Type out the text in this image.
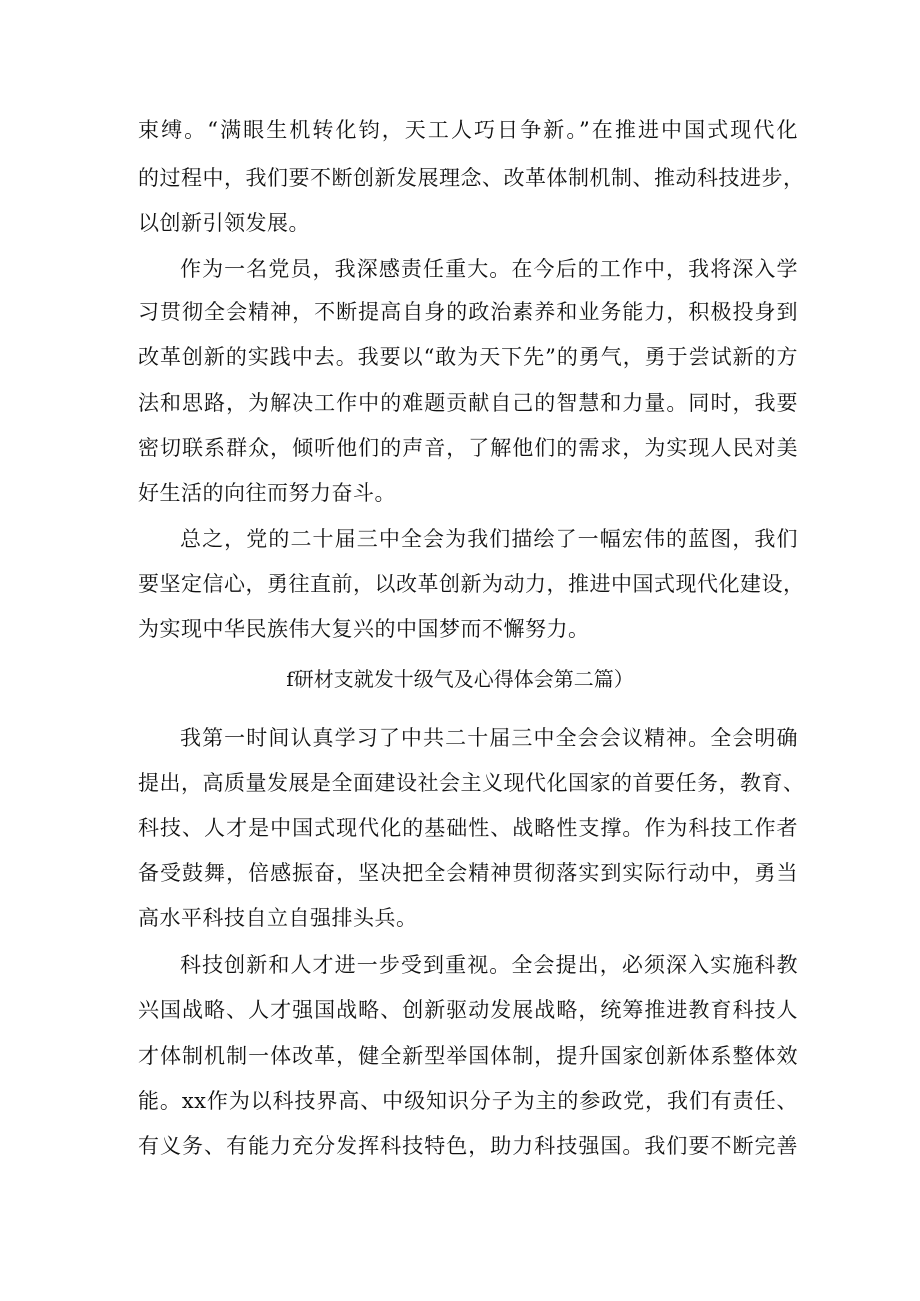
束缚。“满眼生机转化钧，天工人巧日争新。”在推进中国式现代化
的过程中，我们要不断创新发展理念、改革体制机制、推动科技进步，
以创新引领发展。
作为一名党员，我深感责任重大。在今后的工作中，我将深入学
习贯彻全会精神，不断提高自身的政治素养和业务能力，积极投身到
改革创新的实践中去。我要以“敢为天下先”的勇气，勇于尝试新的方
法和思路，为解决工作中的难题贡献自己的智慧和力量。同时，我要
密切联系群众，倾听他们的声音，了解他们的需求，为实现人民对美
好生活的向往而努力奋斗。
总之，党的二十届三中全会为我们描绘了一幅宏伟的蓝图，我们
要坚定信心，勇往直前，以改革创新为动力，推进中国式现代化建设，
为实现中华民族伟大复兴的中国梦而不懈努力。
f研材支就发十级气及心得体会第二篇）
我第一时间认真学习了中共二十届三中全会会议精神。全会明确
提出，高质量发展是全面建设社会主义现代化国家的首要任务，教育、
科技、人才是中国式现代化的基础性、战略性支撑。作为科技工作者
备受鼓舞，倍感振奋，坚决把全会精神贯彻落实到实际行动中，勇当
高水平科技自立自强排头兵。
科技创新和人才进一步受到重视。全会提出，必须深入实施科教
兴国战略、人才强国战略、创新驱动发展战略，统筹推进教育科技人
才体制机制一体改革，健全新型举国体制，提升国家创新体系整体效
能。xx作为以科技界高、中级知识分子为主的参政党，我们有责任、
有义务、有能力充分发挥科技特色，助力科技强国。我们要不断完善
